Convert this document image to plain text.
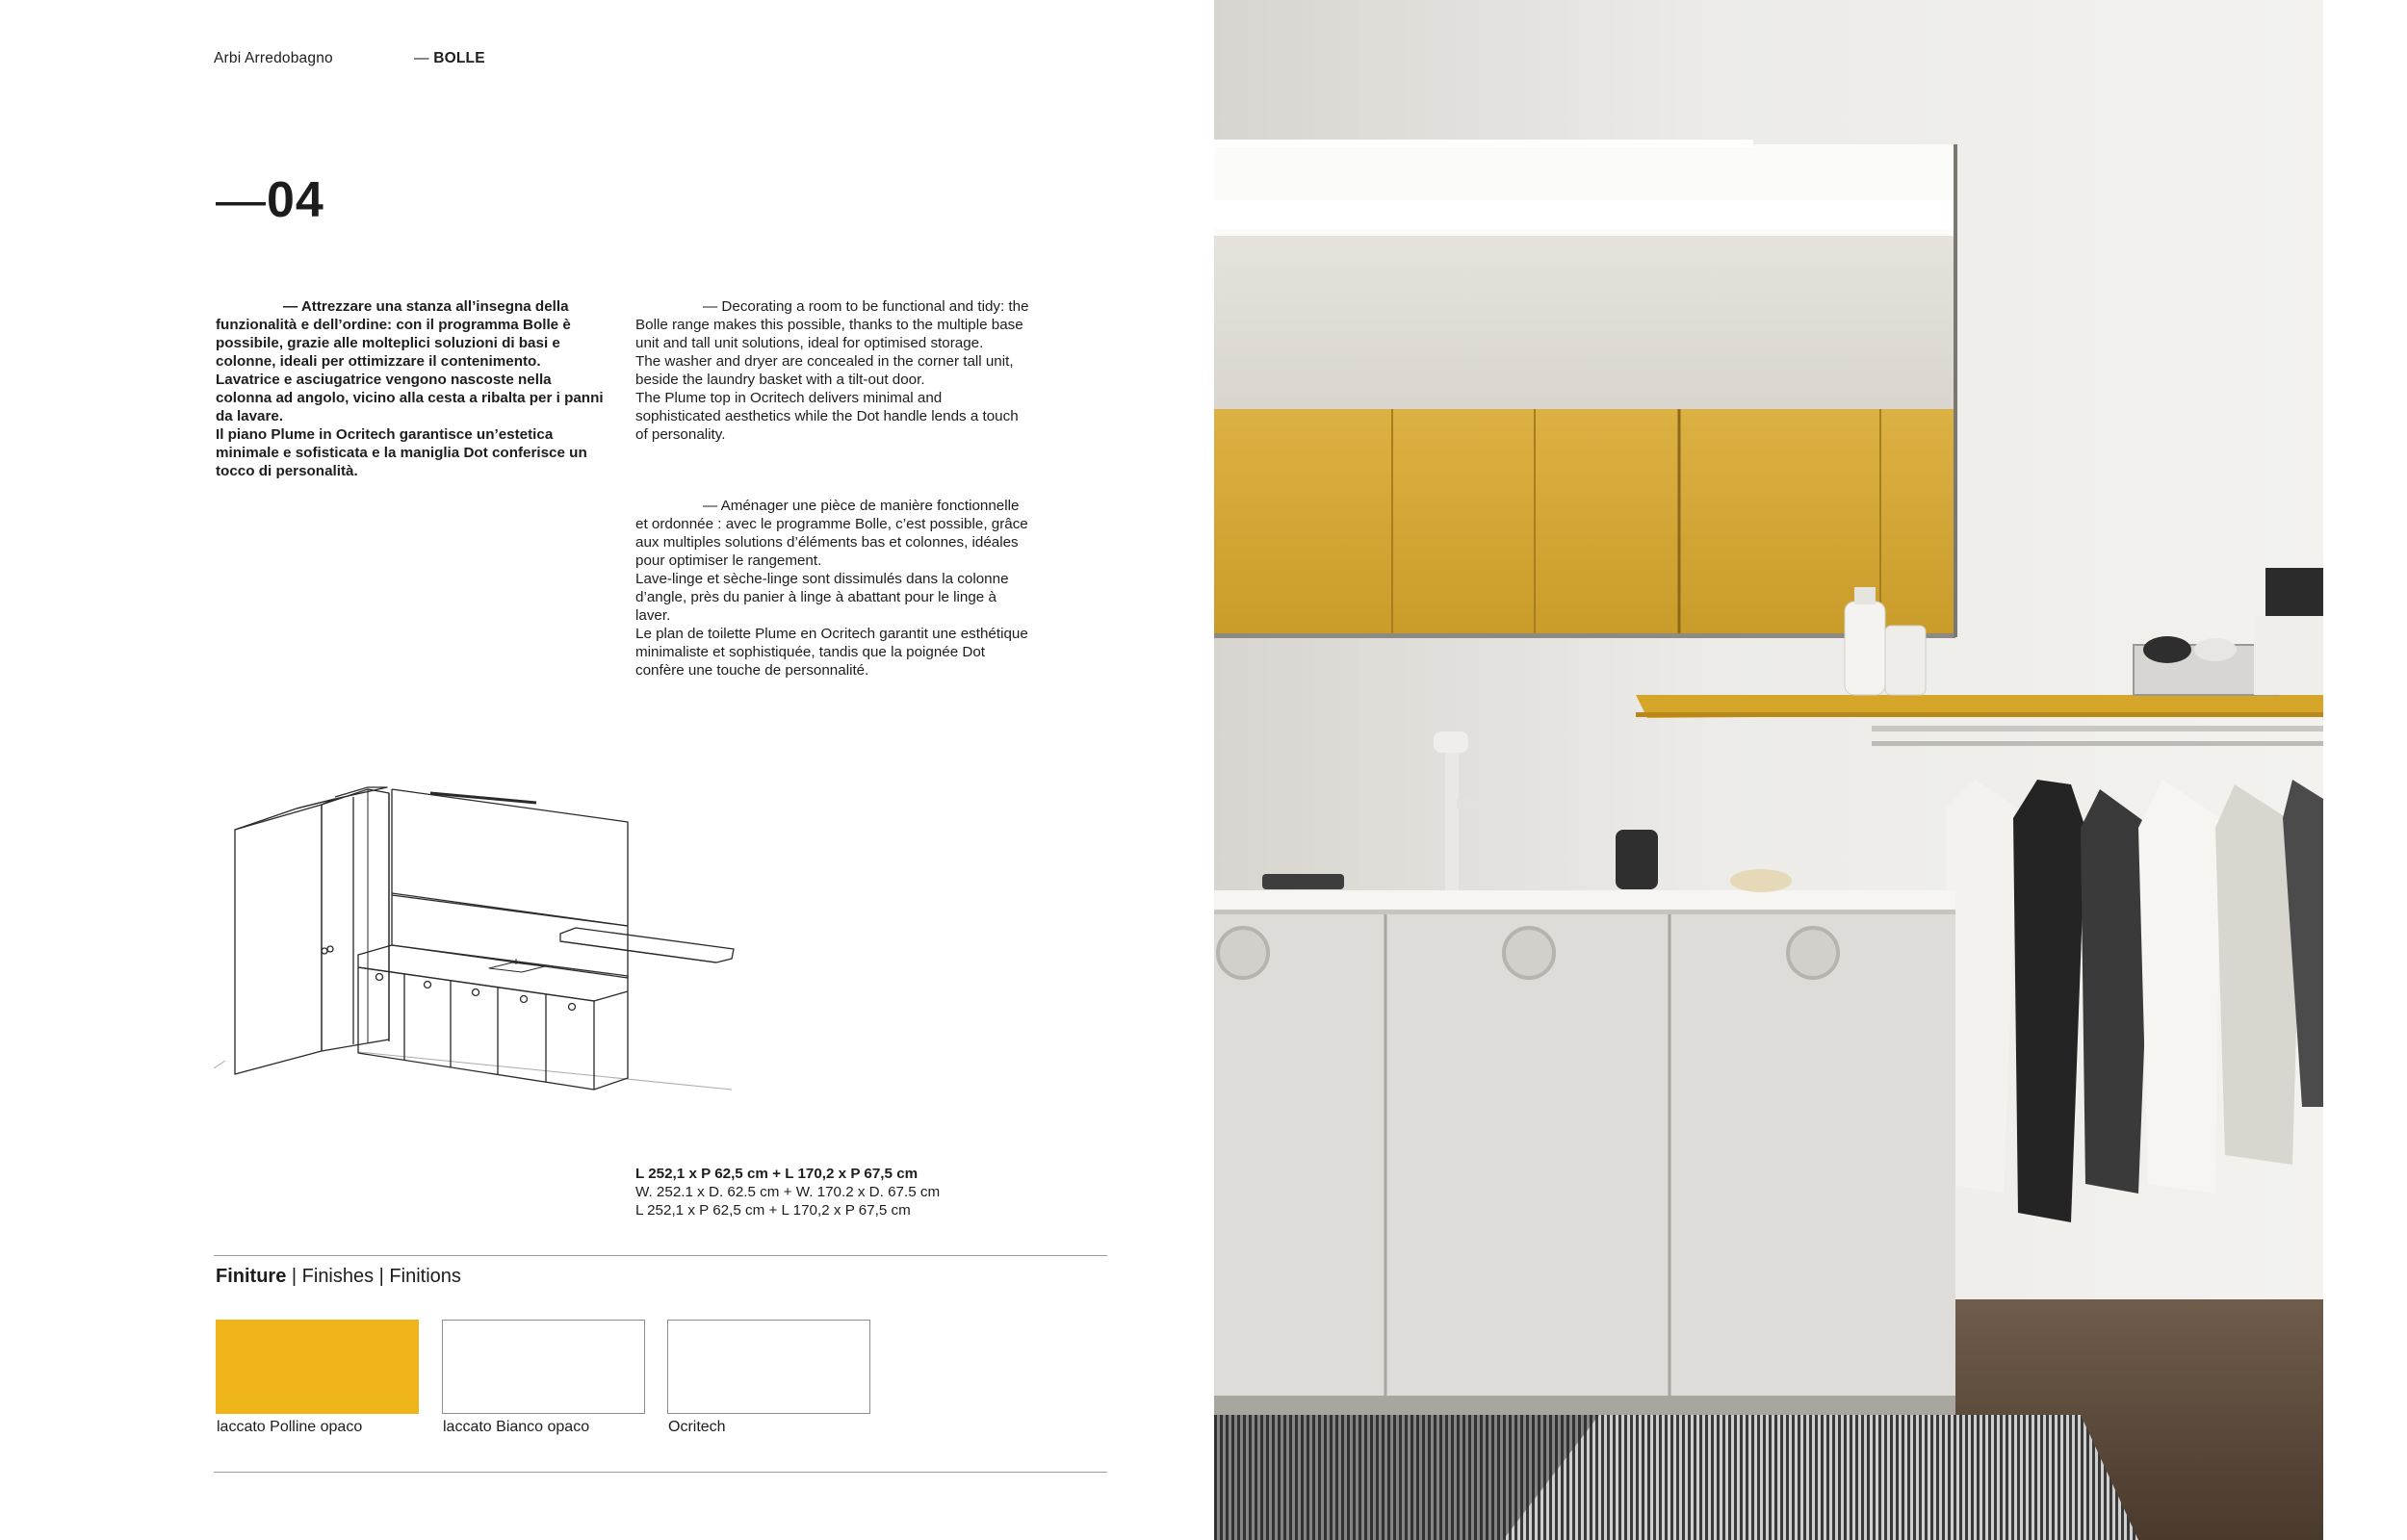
Arbi Arredobagno	— BOLLE
—04

— Attrezzare una stanza all’insegna della funzionalità e dell’ordine: con il programma Bolle è possibile, grazie alle molteplici soluzioni di basi e colonne, ideali per ottimizzare il contenimento. Lavatrice e asciugatrice vengono nascoste nella colonna ad angolo, vicino alla cesta a ribalta per i panni da lavare.

Il piano Plume in Ocritech garantisce un’estetica minimale e sofisticata e la maniglia Dot conferisce un tocco di personalità.

— Decorating a room to be functional and tidy: the Bolle range makes this possible, thanks to the multiple base unit and tall unit solutions, ideal for optimised storage.

The washer and dryer are concealed in the corner tall unit, beside the laundry basket with a tilt-out door.

The Plume top in Ocritech delivers minimal and sophisticated aesthetics while the Dot handle lends a touch of personality.

— Aménager une pièce de manière fonctionnelle et ordonnée : avec le programme Bolle, c’est possible, grâce aux multiples solutions d’éléments bas et colonnes, idéales pour optimiser le rangement.

Lave-linge et sèche-linge sont dissimulés dans la colonne d’angle, près du panier à linge à abattant pour le linge à laver.

Le plan de toilette Plume en Ocritech garantit une esthétique minimaliste et sophistiquée, tandis que la poignée Dot confère une touche de personnalité.

L 252,1 x P 62,5 cm + L 170,2 x P 67,5 cm
W. 252.1 x D. 62.5 cm + W. 170.2 x D. 67.5 cm
L 252,1 x P 62,5 cm + L 170,2 x P 67,5 cm
Finiture | Finishes | Finitions
laccato Polline opaco	laccato Bianco opaco	Ocritech
